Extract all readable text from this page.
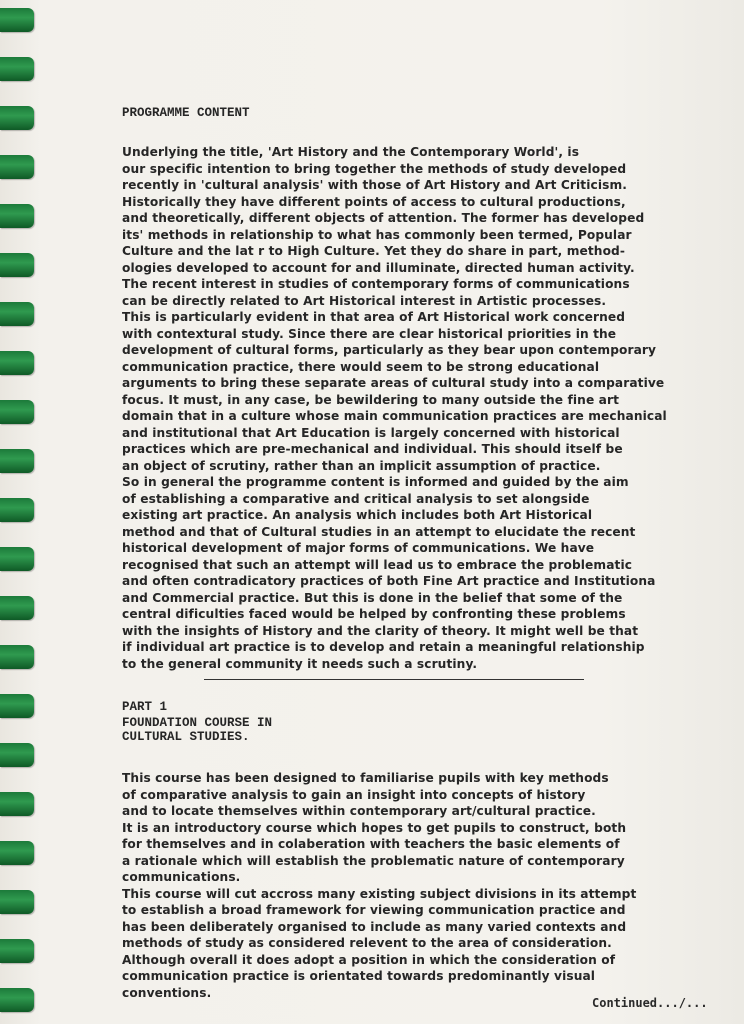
PROGRAMME CONTENT

Underlying the title, 'Art History and the Contemporary World', is
our specific intention to bring together the methods of study developed
recently in 'cultural analysis' with those of Art History and Art Criticism.
Historically they have different points of access to cultural productions,
and theoretically, different objects of attention. The former has developed
its' methods in relationship to what has commonly been termed, Popular
Culture and the lat r to High Culture. Yet they do share in part, method-
ologies developed to account for and illuminate, directed human activity.
The recent interest in studies of contemporary forms of communications
can be directly related to Art Historical interest in Artistic processes.
This is particularly evident in that area of Art Historical work concerned
with contextural study. Since there are clear historical priorities in the
development of cultural forms, particularly as they bear upon contemporary
communication practice, there would seem to be strong educational
arguments to bring these separate areas of cultural study into a comparative
focus. It must, in any case, be bewildering to many outside the fine art
domain that in a culture whose main communication practices are mechanical
and institutional that Art Education is largely concerned with historical
practices which are pre-mechanical and individual. This should itself be
an object of scrutiny, rather than an implicit assumption of practice.
So in general the programme content is informed and guided by the aim
of establishing a comparative and critical analysis to set alongside
existing art practice. An analysis which includes both Art Historical
method and that of Cultural studies in an attempt to elucidate the recent
historical development of major forms of communications. We have
recognised that such an attempt will lead us to embrace the problematic
and often contradicatory practices of both Fine Art practice and Institutiona
and Commercial practice. But this is done in the belief that some of the
central dificulties faced would be helped by confronting these problems
with the insights of History and the clarity of theory. It might well be that
if individual art practice is to develop and retain a meaningful relationship
to the general community it needs such a scrutiny.

PART 1

FOUNDATION COURSE IN

CULTURAL STUDIES.

This course has been designed to familiarise pupils with key methods
of comparative analysis to gain an insight into concepts of history
and to locate themselves within contemporary art/cultural practice.
It is an introductory course which hopes to get pupils to construct, both
for themselves and in colaberation with teachers the basic elements of
a rationale which will establish the problematic nature of contemporary
communications.
This course will cut accross many existing subject divisions in its attempt
to establish a broad framework for viewing communication practice and
has been deliberately organised to include as many varied contexts and
methods of study as considered relevent to the area of consideration.
Although overall it does adopt a position in which the consideration of
communication practice is orientated towards predominantly visual
conventions.
Continued.../...
